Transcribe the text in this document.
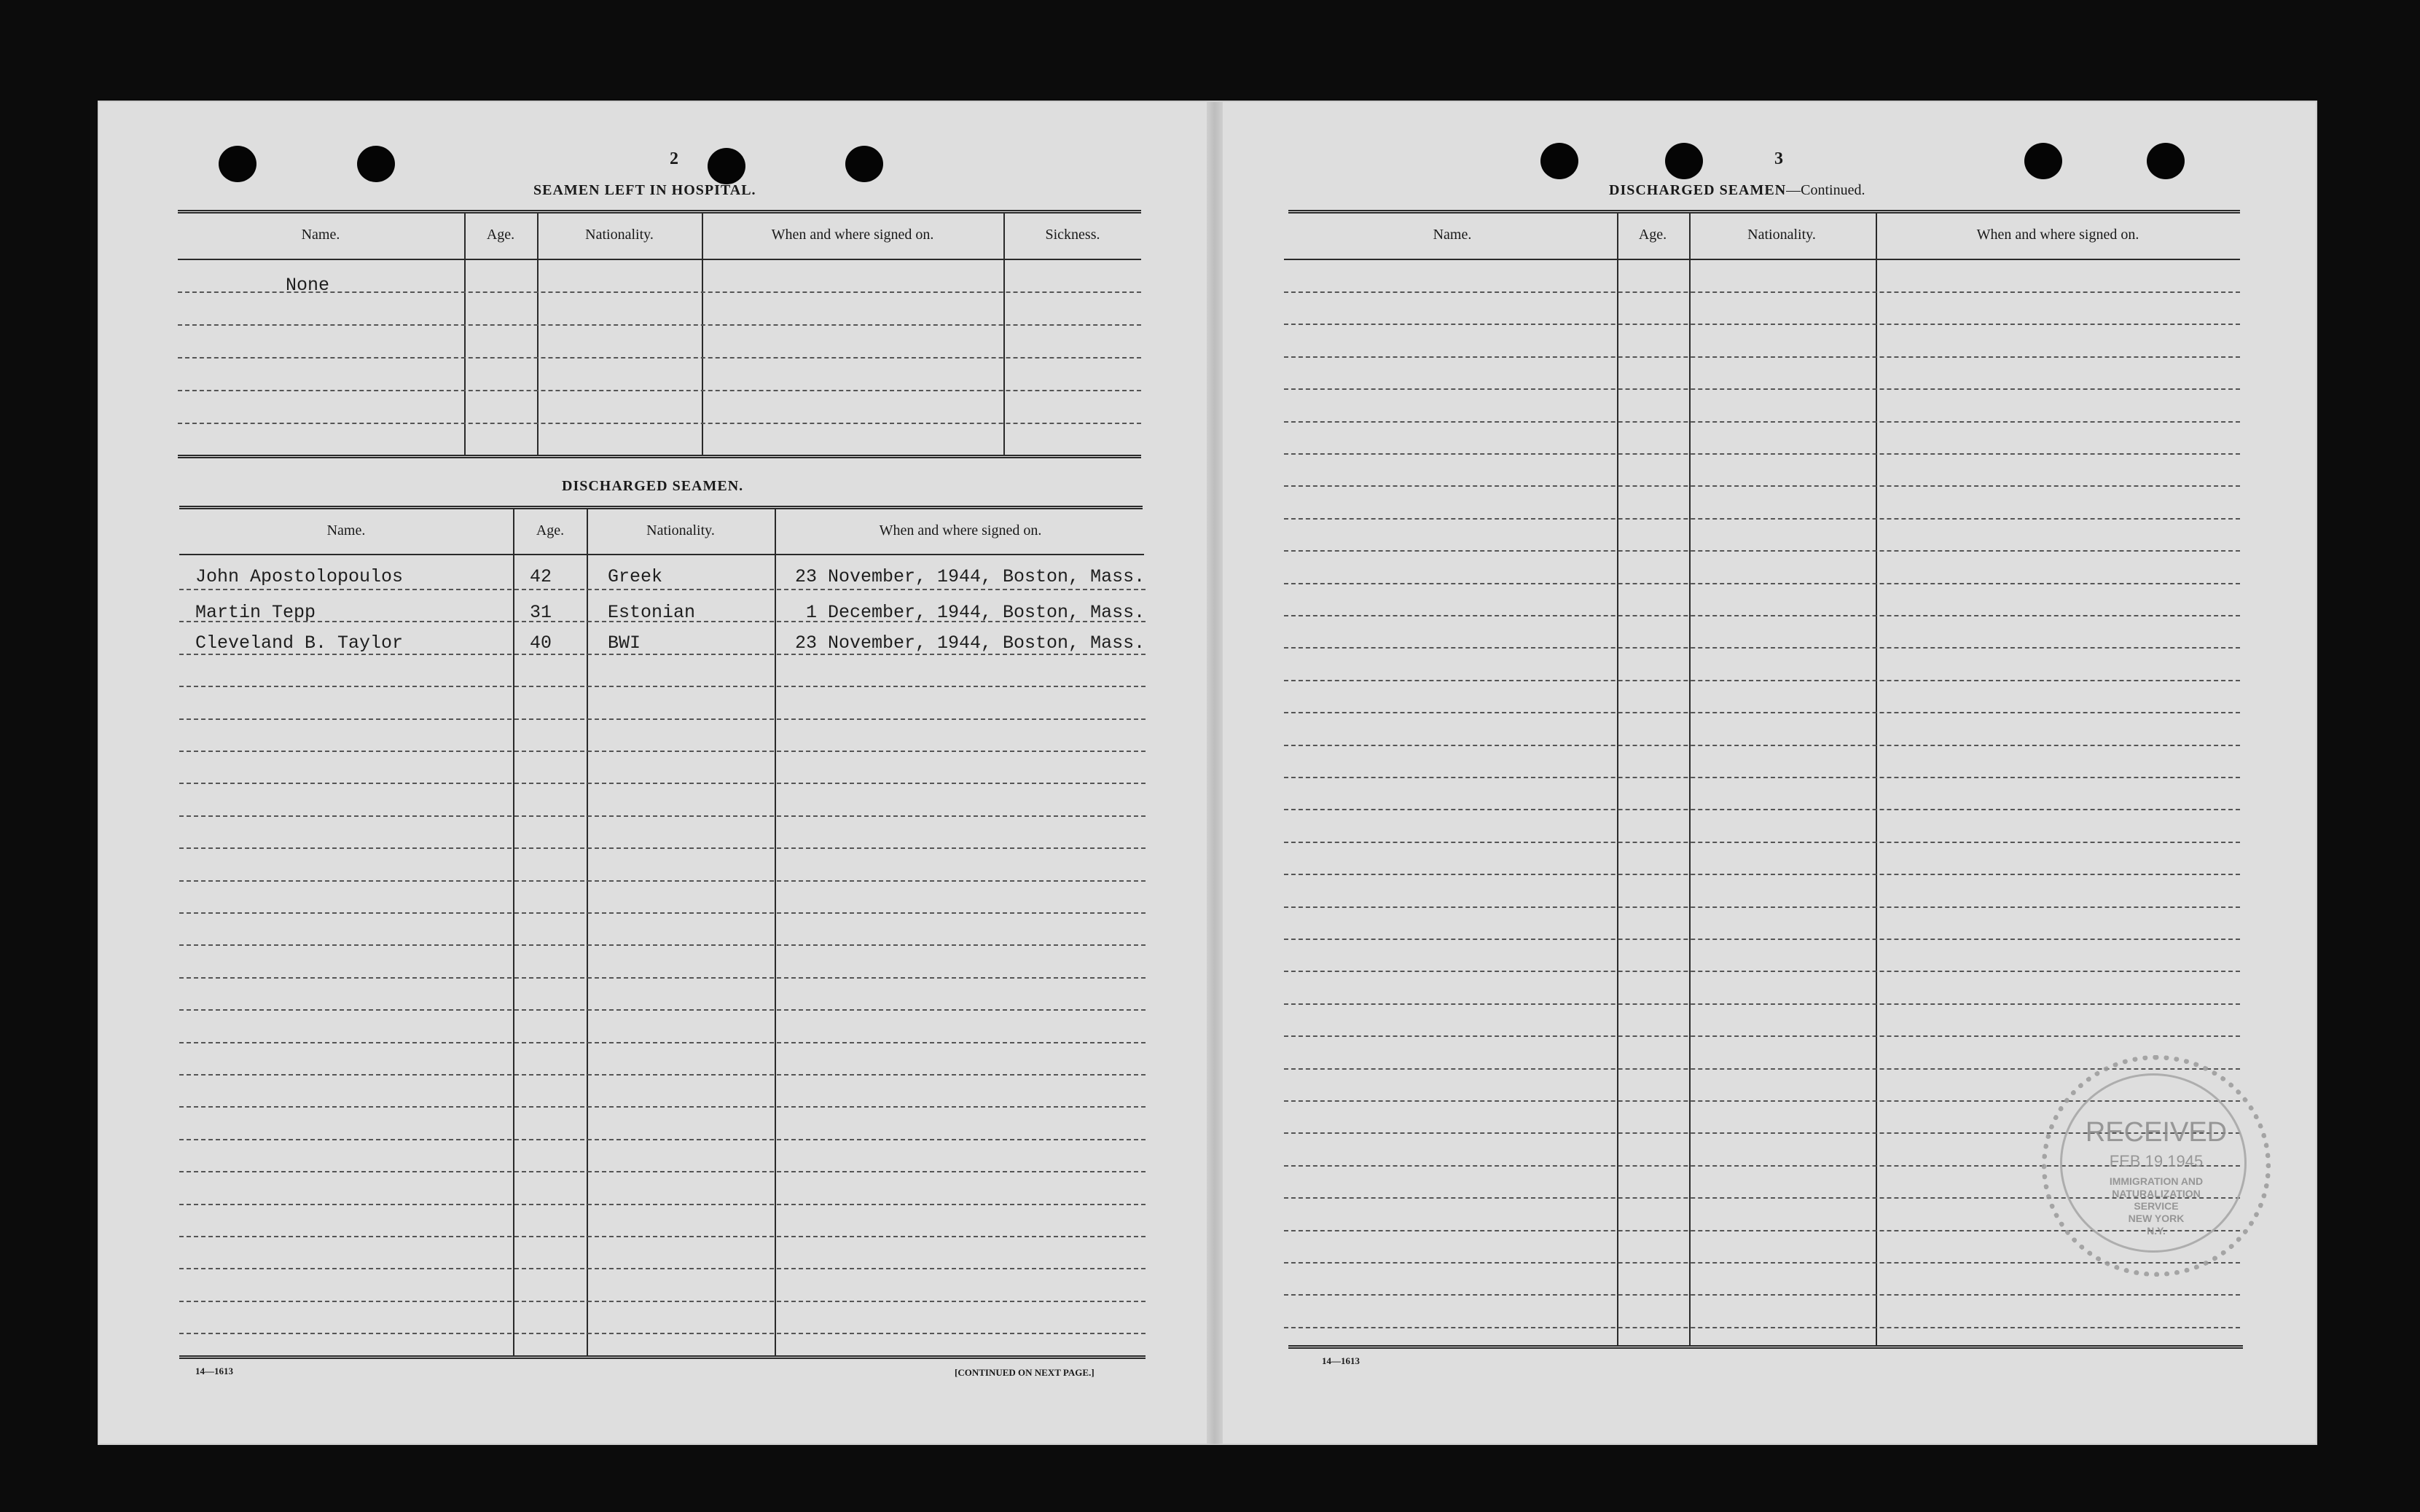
2
SEAMEN LEFT IN HOSPITAL.
Name.	Age.	Nationality.	When and where signed on.	Sickness.
None
DISCHARGED SEAMEN.
Name.	Age.	Nationality.	When and where signed on.
John Apostolopoulos	42	Greek	23 November, 1944, Boston, Mass.
Martin Tepp	31	Estonian	1 December, 1944, Boston, Mass.
Cleveland B. Taylor	40	BWI	23 November, 1944, Boston, Mass.
14—1613	[CONTINUED ON NEXT PAGE.]
3
DISCHARGED SEAMEN—Continued.
Name.	Age.	Nationality.	When and where signed on.
14—1613
RECEIVED
FEB 19 1945
IMMIGRATION AND
NATURALIZATION
SERVICE
NEW YORK
N.Y.
